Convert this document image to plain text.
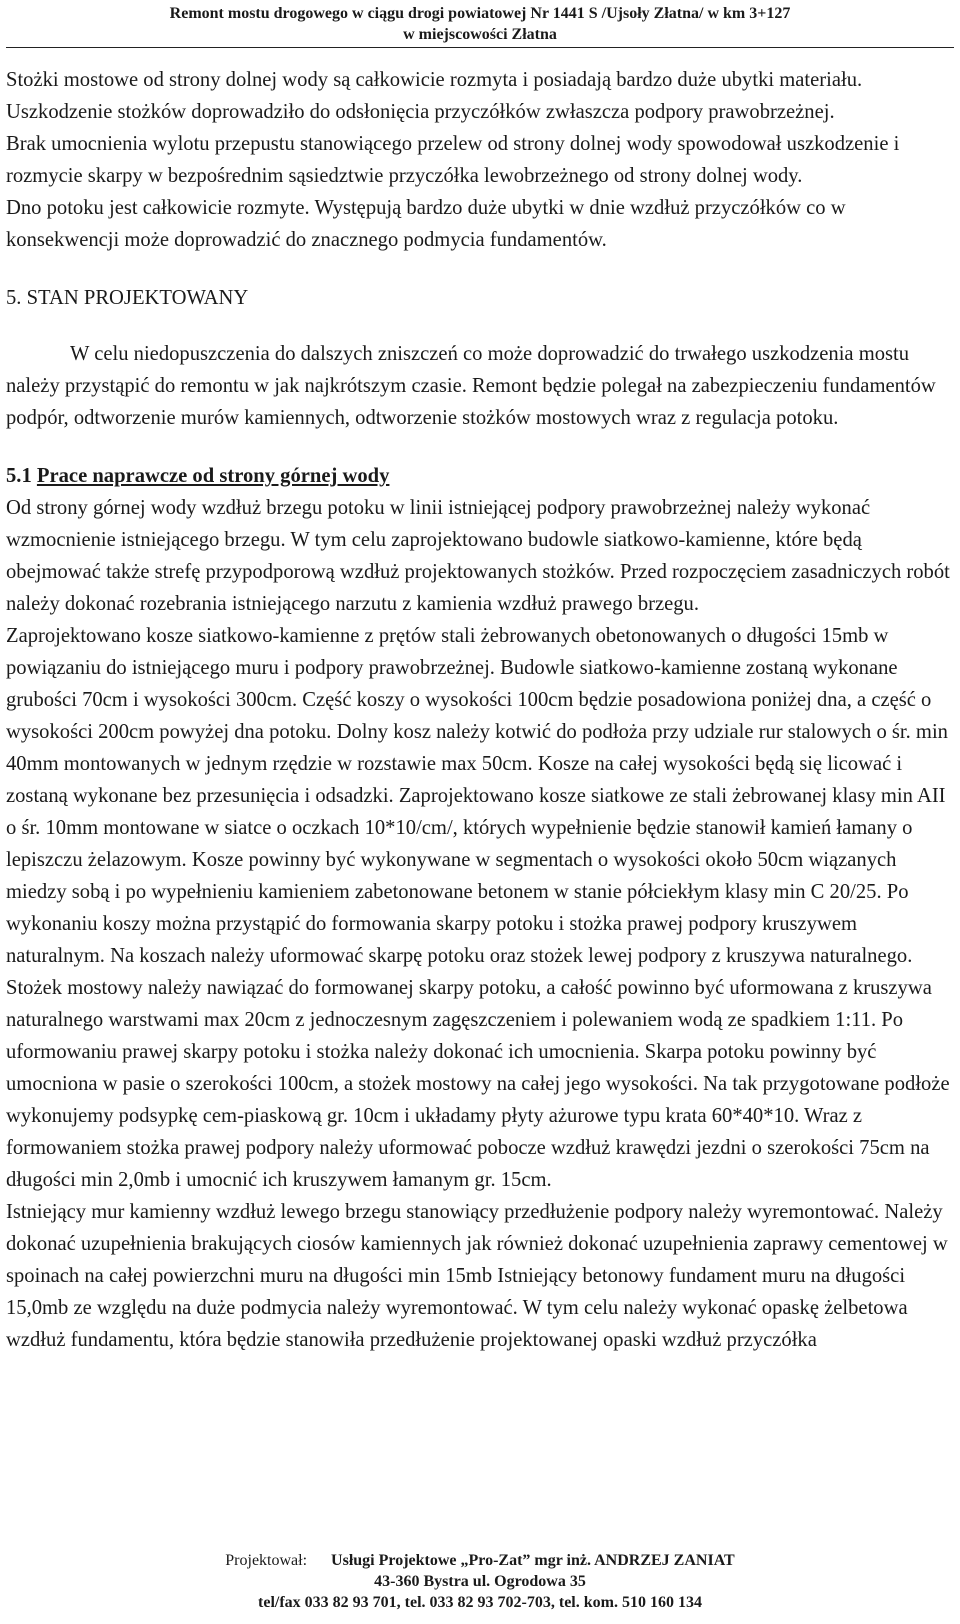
Remont mostu drogowego w ciągu drogi powiatowej Nr 1441 S /Ujsoły Złatna/ w km 3+127
w miejscowości Złatna

Stożki mostowe od strony dolnej wody są całkowicie rozmyta i posiadają bardzo duże ubytki materiału. Uszkodzenie stożków doprowadziło do odsłonięcia przyczółków zwłaszcza podpory prawobrzeżnej.

Brak umocnienia wylotu przepustu stanowiącego przelew od strony dolnej wody spowodował uszkodzenie i rozmycie skarpy w bezpośrednim sąsiedztwie przyczółka lewobrzeżnego od strony dolnej wody.

Dno potoku jest całkowicie rozmyte. Występują bardzo duże ubytki w dnie wzdłuż przyczółków co w konsekwencji może doprowadzić do znacznego podmycia fundamentów.

5. STAN PROJEKTOWANY

W celu niedopuszczenia do dalszych zniszczeń co może doprowadzić do trwałego uszkodzenia mostu należy przystąpić do remontu w jak najkrótszym czasie. Remont będzie polegał na zabezpieczeniu fundamentów podpór, odtworzenie murów kamiennych, odtworzenie stożków mostowych wraz z regulacja potoku.

5.1 Prace naprawcze od strony górnej wody

Od strony górnej wody wzdłuż brzegu potoku w linii istniejącej podpory prawobrzeżnej należy wykonać wzmocnienie istniejącego brzegu. W tym celu zaprojektowano budowle siatkowo-kamienne, które będą obejmować także strefę przypodporową wzdłuż projektowanych stożków. Przed rozpoczęciem zasadniczych robót należy dokonać rozebrania istniejącego narzutu z kamienia wzdłuż prawego brzegu.

Zaprojektowano kosze siatkowo-kamienne z prętów stali żebrowanych obetonowanych o długości 15mb w powiązaniu do istniejącego muru i podpory prawobrzeżnej. Budowle siatkowo-kamienne zostaną wykonane grubości 70cm i wysokości 300cm. Część koszy o wysokości 100cm będzie posadowiona poniżej dna, a część o wysokości 200cm powyżej dna potoku. Dolny kosz należy kotwić do podłoża przy udziale rur stalowych o śr. min 40mm montowanych w jednym rzędzie w rozstawie max 50cm. Kosze na całej wysokości będą się licować i zostaną wykonane bez przesunięcia i odsadzki. Zaprojektowano kosze siatkowe ze stali żebrowanej klasy min AII o śr. 10mm montowane w siatce o oczkach 10*10/cm/, których wypełnienie będzie stanowił kamień łamany o lepiszczu żelazowym. Kosze powinny być wykonywane w segmentach o wysokości około 50cm wiązanych miedzy sobą i po wypełnieniu kamieniem zabetonowane betonem w stanie półciekłym klasy min C 20/25. Po wykonaniu koszy można przystąpić do formowania skarpy potoku i stożka prawej podpory kruszywem naturalnym. Na koszach należy uformować skarpę potoku oraz stożek lewej podpory z kruszywa naturalnego. Stożek mostowy należy nawiązać do formowanej skarpy potoku, a całość powinno być uformowana z kruszywa naturalnego warstwami max 20cm z jednoczesnym zagęszczeniem i polewaniem wodą ze spadkiem 1:11. Po uformowaniu prawej skarpy potoku i stożka należy dokonać ich umocnienia. Skarpa potoku powinny być umocniona w pasie o szerokości 100cm, a stożek mostowy na całej jego wysokości. Na tak przygotowane podłoże wykonujemy podsypkę cem-piaskową gr. 10cm i układamy płyty ażurowe typu krata 60*40*10. Wraz z formowaniem stożka prawej podpory należy uformować pobocze wzdłuż krawędzi jezdni o szerokości 75cm na długości min 2,0mb i umocnić ich kruszywem łamanym gr. 15cm.

Istniejący mur kamienny wzdłuż lewego brzegu stanowiący przedłużenie podpory należy wyremontować. Należy dokonać uzupełnienia brakujących ciosów kamiennych jak również dokonać uzupełnienia zaprawy cementowej w spoinach na całej powierzchni muru na długości min 15mb Istniejący betonowy fundament muru na długości 15,0mb ze względu na duże podmycia należy wyremontować. W tym celu należy wykonać opaskę żelbetowa wzdłuż fundamentu, która będzie stanowiła przedłużenie projektowanej opaski wzdłuż przyczółka

Projektował: Usługi Projektowe „Pro-Zat” mgr inż. ANDRZEJ ZANIAT
43-360 Bystra ul. Ogrodowa 35
tel/fax 033 82 93 701, tel. 033 82 93 702-703, tel. kom. 510 160 134
